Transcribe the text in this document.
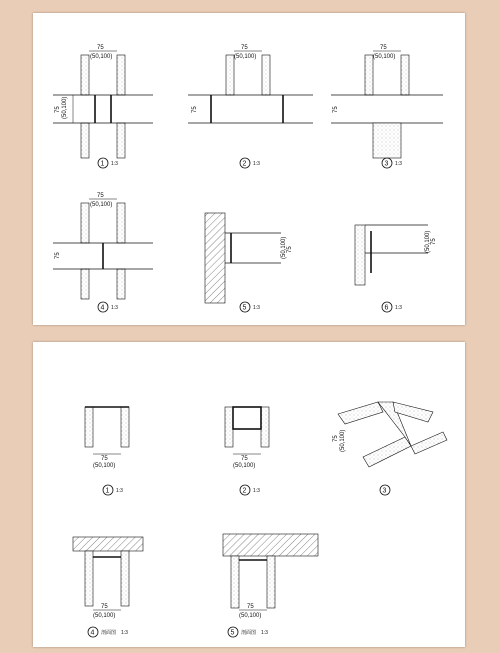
75
(50,100)
75 (50,100)
1 1:3
75
(50,100)
75
2 1:3
75
(50,100)
75
3 1:3
75
(50,100)
75
4 1:3
75
(50,100)
5 1:3
75
(50,100)
6 1:3
75
(50,100)
1 1:3
75
(50,100)
2 1:3
75 (50,100)
3
75
(50,100)
4 剖面图 1:3
75
(50,100)
5 剖面图 1:3
